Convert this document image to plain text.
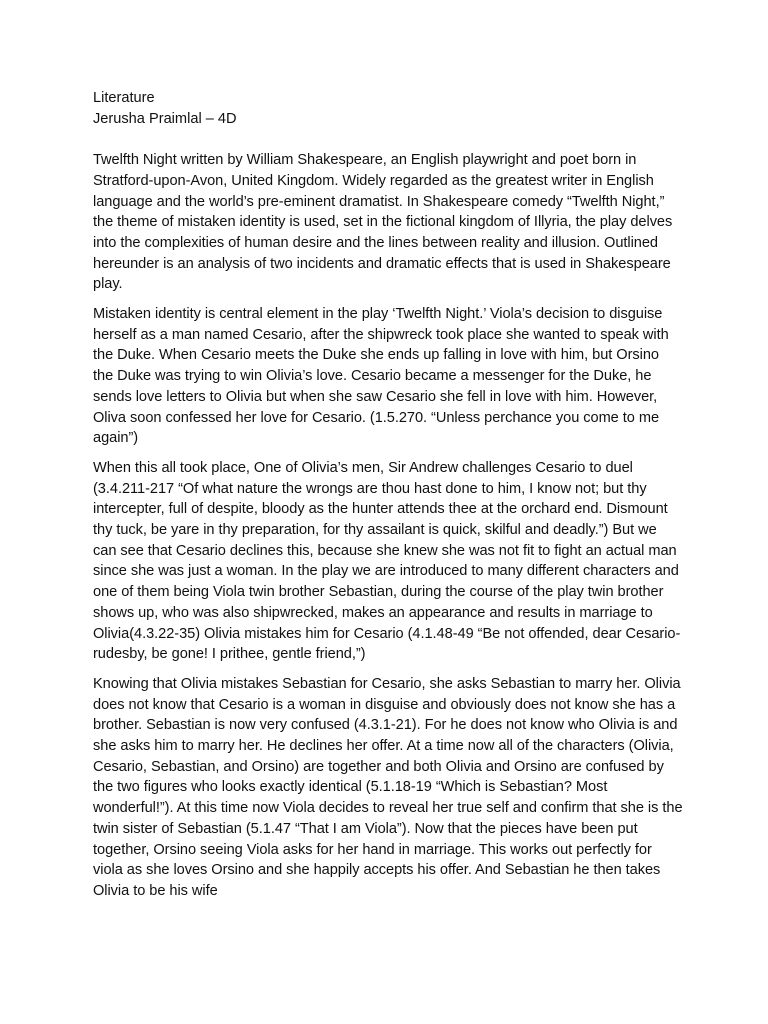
Literature

Jerusha Praimlal – 4D

Twelfth Night written by William Shakespeare, an English playwright and poet born in Stratford-upon-Avon, United Kingdom. Widely regarded as the greatest writer in English language and the world’s pre-eminent dramatist. In Shakespeare comedy “Twelfth Night,” the theme of mistaken identity is used, set in the fictional kingdom of Illyria, the play delves into the complexities of human desire and the lines between reality and illusion. Outlined hereunder is an analysis of two incidents and dramatic effects that is used in Shakespeare play.

Mistaken identity is central element in the play ‘Twelfth Night.’ Viola’s decision to disguise herself as a man named Cesario, after the shipwreck took place she wanted to speak with the Duke. When Cesario meets the Duke she ends up falling in love with him, but Orsino the Duke was trying to win Olivia’s love. Cesario became a messenger for the Duke, he sends love letters to Olivia but when she saw Cesario she fell in love with him. However, Oliva soon confessed her love for Cesario. (1.5.270. “Unless perchance you come to me again”)

When this all took place, One of Olivia’s men, Sir Andrew challenges Cesario to duel (3.4.211-217 “Of what nature the wrongs are thou hast done to him, I know not; but thy intercepter, full of despite, bloody as the hunter attends thee at the orchard end. Dismount thy tuck, be yare in thy preparation, for thy assailant is quick, skilful and deadly.”) But we can see that Cesario declines this, because she knew she was not fit to fight an actual man since she was just a woman. In the play we are introduced to many different characters and one of them being Viola twin brother Sebastian, during the course of the play twin brother shows up, who was also shipwrecked, makes an appearance and results in marriage to Olivia(4.3.22-35) Olivia mistakes him for Cesario (4.1.48-49 “Be not offended, dear Cesario- rudesby, be gone! I prithee, gentle friend,”)

Knowing that Olivia mistakes Sebastian for Cesario, she asks Sebastian to marry her. Olivia does not know that Cesario is a woman in disguise and obviously does not know she has a brother. Sebastian is now very confused (4.3.1-21). For he does not know who Olivia is and she asks him to marry her. He declines her offer. At a time now all of the characters (Olivia, Cesario, Sebastian, and Orsino) are together and both Olivia and Orsino are confused by the two figures who looks exactly identical (5.1.18-19 “Which is Sebastian? Most wonderful!”). At this time now Viola decides to reveal her true self and confirm that she is the twin sister of Sebastian (5.1.47 “That I am Viola”). Now that the pieces have been put together, Orsino seeing Viola asks for her hand in marriage. This works out perfectly for viola as she loves Orsino and she happily accepts his offer. And Sebastian he then takes Olivia to be his wife
